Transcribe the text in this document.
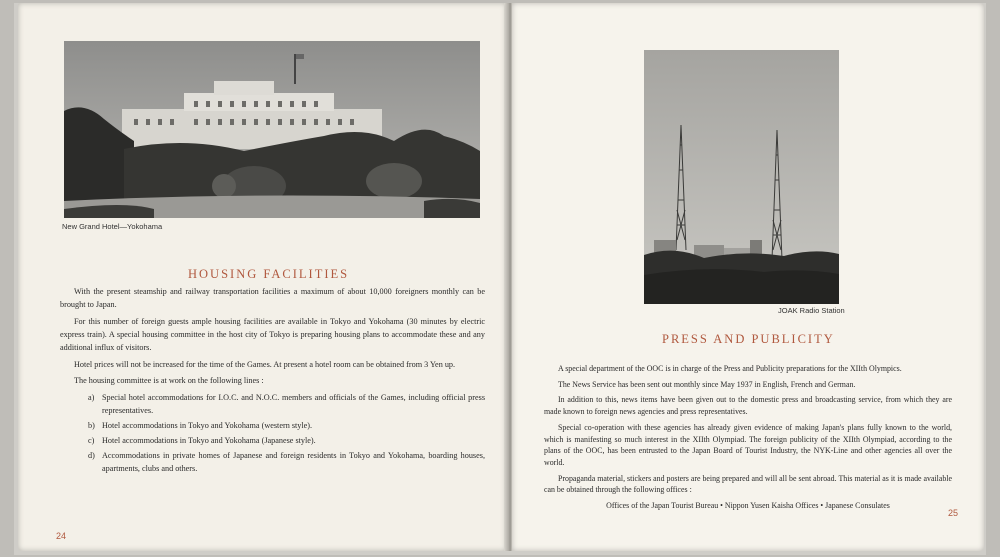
New Grand Hotel—Yokohama
HOUSING FACILITIES

With the present steamship and railway transportation facilities a maximum of about 10,000 foreigners monthly can be brought to Japan.

For this number of foreign guests ample housing facilities are available in Tokyo and Yokohama (30 minutes by electric express train). A special housing committee in the host city of Tokyo is preparing housing plans to accommodate these and any additional influx of visitors.

Hotel prices will not be increased for the time of the Games. At present a hotel room can be obtained from 3 Yen up.

The housing committee is at work on the following lines :

a) Special hotel accommodations for I.O.C. and N.O.C. members and officials of the Games, including official press representatives.
b) Hotel accommodations in Tokyo and Yokohama (western style).
c) Hotel accommodations in Tokyo and Yokohama (Japanese style).
d) Accommodations in private homes of Japanese and foreign residents in Tokyo and Yokohama, boarding houses, apartments, clubs and others.
24
JOAK Radio Station
PRESS AND PUBLICITY

A special department of the OOC is in charge of the Press and Publicity preparations for the XIIth Olympics.

The News Service has been sent out monthly since May 1937 in English, French and German.

In addition to this, news items have been given out to the domestic press and broadcasting service, from which they are made known to foreign news agencies and press representatives.

Special co-operation with these agencies has already given evidence of making Japan's plans fully known to the world, which is manifesting so much interest in the XIIth Olympiad. The foreign publicity of the XIIth Olympiad, according to the plans of the OOC, has been entrusted to the Japan Board of Tourist Industry, the NYK-Line and other agencies all over the world.

Propaganda material, stickers and posters are being prepared and will all be sent abroad. This material as it is made available can be obtained through the following offices :

Offices of the Japan Tourist Bureau • Nippon Yusen Kaisha Offices • Japanese Consulates

25
